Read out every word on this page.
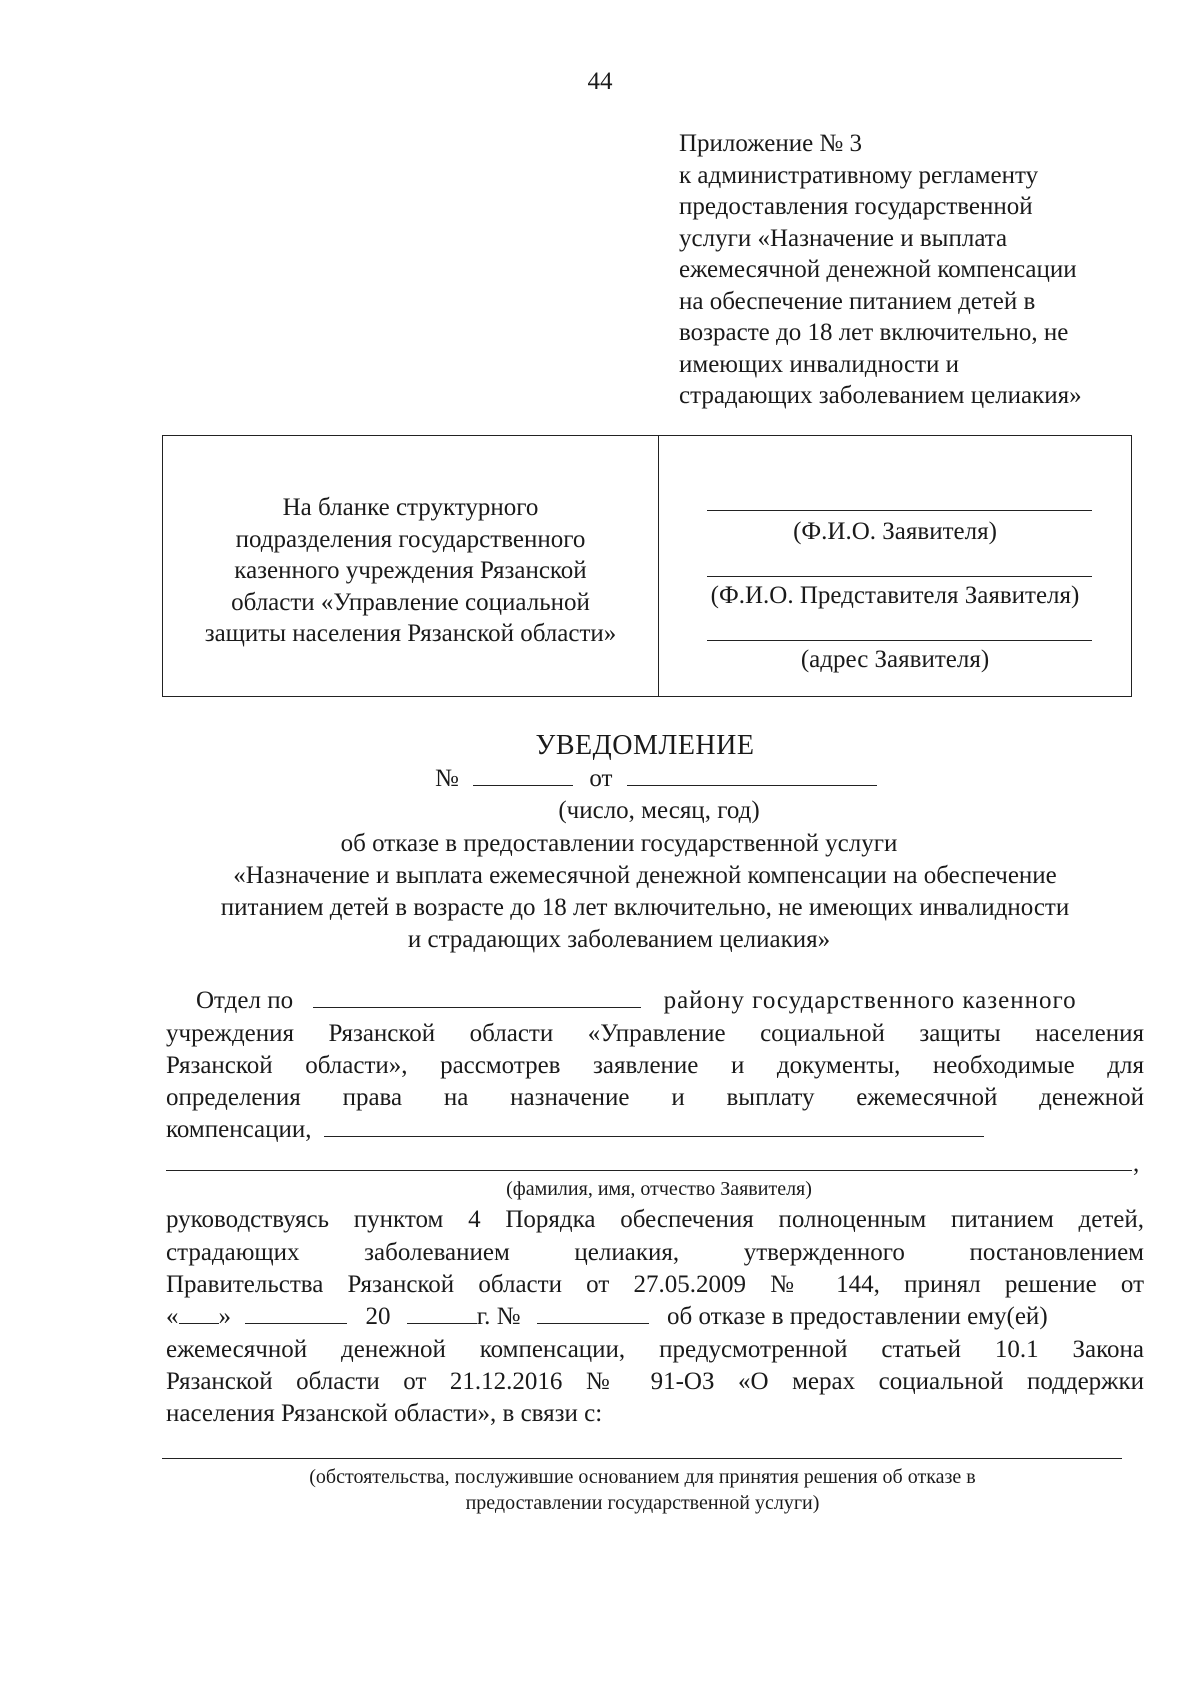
44
Приложение № 3
к административному регламенту
предоставления государственной
услуги «Назначение и выплата
ежемесячной денежной компенсации
на обеспечение питанием детей в
возрасте до 18 лет включительно, не
имеющих инвалидности и
страдающих заболеванием целиакия»
На бланке структурного
подразделения государственного
казенного учреждения Рязанской
области «Управление социальной
защиты населения Рязанской области»
(Ф.И.О. Заявителя)
(Ф.И.О. Представителя Заявителя)
(адрес Заявителя)
УВЕДОМЛЕНИЕ
№	от
(число, месяц, год)
об отказе в предоставлении государственной услуги
«Назначение и выплата ежемесячной денежной компенсации на обеспечение
питанием детей в возрасте до 18 лет включительно, не имеющих инвалидности
и страдающих заболеванием целиакия»
Отдел по	району государственного казенного
учреждения Рязанской области «Управление социальной защиты населения
Рязанской области», рассмотрев заявление и документы, необходимые для
определения права на назначение и выплату ежемесячной денежной
компенсации,
,
(фамилия, имя, отчество Заявителя)
руководствуясь пунктом 4 Порядка обеспечения полноценным питанием детей,
страдающих заболеванием целиакия, утвержденного постановлением
Правительства Рязанской области от 27.05.2009 № 144, принял решение от
« »	20	г. №	об отказе в предоставлении ему(ей)
ежемесячной денежной компенсации, предусмотренной статьей 10.1 Закона
Рязанской области от 21.12.2016 № 91-ОЗ «О мерах социальной поддержки
населения Рязанской области», в связи с:
(обстоятельства, послужившие основанием для принятия решения об отказе в
предоставлении государственной услуги)
